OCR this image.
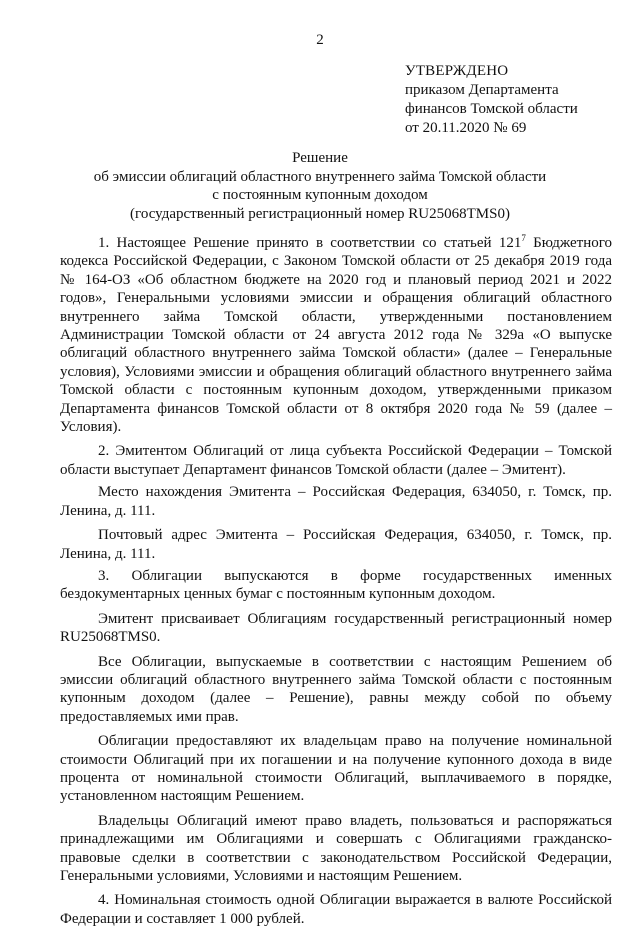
2
УТВЕРЖДЕНО
приказом Департамента
финансов Томской области
от 20.11.2020 № 69
Решение
об эмиссии облигаций областного внутреннего займа Томской области
с постоянным купонным доходом
(государственный регистрационный номер RU25068TMS0)

1. Настоящее Решение принято в соответствии со статьей $121^7$ Бюджетного кодекса Российской Федерации, с Законом Томской области от 25 декабря 2019 года № 164-ОЗ «Об областном бюджете на 2020 год и плановый период 2021 и 2022 годов», Генеральными условиями эмиссии и обращения облигаций областного внутреннего займа Томской области, утвержденными постановлением Администрации Томской области от 24 августа 2012 года № 329а «О выпуске облигаций областного внутреннего займа Томской области» (далее – Генеральные условия), Условиями эмиссии и обращения облигаций областного внутреннего займа Томской области с постоянным купонным доходом, утвержденными приказом Департамента финансов Томской области от 8 октября 2020 года № 59 (далее – Условия).

2. Эмитентом Облигаций от лица субъекта Российской Федерации – Томской области выступает Департамент финансов Томской области (далее – Эмитент).

Место нахождения Эмитента – Российская Федерация, 634050, г. Томск, пр. Ленина, д. 111.

Почтовый адрес Эмитента – Российская Федерация, 634050, г. Томск, пр. Ленина, д. 111.

3. Облигации выпускаются в форме государственных именных бездокументарных ценных бумаг с постоянным купонным доходом.

Эмитент присваивает Облигациям государственный регистрационный номер RU25068TMS0.

Все Облигации, выпускаемые в соответствии с настоящим Решением об эмиссии облигаций областного внутреннего займа Томской области с постоянным купонным доходом (далее – Решение), равны между собой по объему предоставляемых ими прав.

Облигации предоставляют их владельцам право на получение номинальной стоимости Облигаций при их погашении и на получение купонного дохода в виде процента от номинальной стоимости Облигаций, выплачиваемого в порядке, установленном настоящим Решением.

Владельцы Облигаций имеют право владеть, пользоваться и распоряжаться принадлежащими им Облигациями и совершать с Облигациями гражданско-правовые сделки в соответствии с законодательством Российской Федерации, Генеральными условиями, Условиями и настоящим Решением.

4. Номинальная стоимость одной Облигации выражается в валюте Российской Федерации и составляет 1 000 рублей.
